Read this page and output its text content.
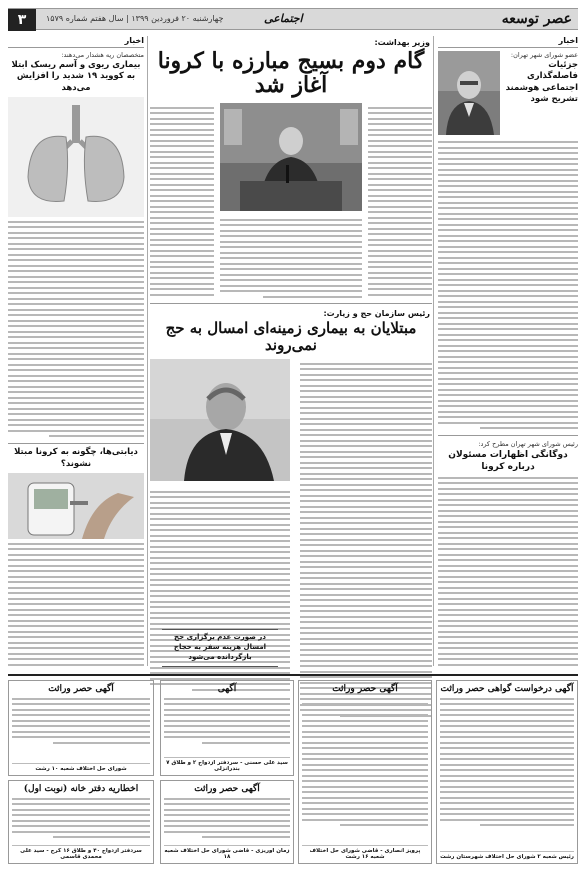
۳	چهارشنبه ۲۰ فروردین ۱۳۹۹ | سال هفتم شماره ۱۵۷۹	اجتماعی	عصر توسعه
اخبار
عضو شورای شهر تهران:
جزئیات فاصله‌گذاری اجتماعی هوشمند تشریح شود
رئیس شورای شهر تهران مطرح کرد:
دوگانگی اظهارات مسئولان درباره کرونا
وزیر بهداشت:
گام دوم بسیج مبارزه با کرونا آغاز شد
رئیس سازمان حج و زیارت:
مبتلایان به بیماری زمینه‌ای امسال به حج نمی‌روند
در صورت عدم برگزاری حج امسال هزینه سفر به حجاج بازگردانده می‌شود
اخبار
متخصصان ریه هشدار می‌دهند:
بیماری ریوی و آسم ریسک ابتلا به کووید ۱۹ شدید را افزایش می‌دهد
دیابتی‌ها، چگونه به کرونا مبتلا نشوند؟
آگهی درخواست گواهی حصر وراثت
رئیس شعبه ۲ شورای حل اختلاف شهرستان رشت
آگهی حصر وراثت
پرویز انصاری - قاضی شورای حل اختلاف شعبه ۱۶ رشت
آگهی
سید علی حسنی - سردفتر ازدواج ۲ و طلاق ۷ بندرانزلی
آگهی حصر وراثت
زمان اوریزی - قاضی شورای حل اختلاف شعبه ۱۸
آگهی حصر وراثت
شورای حل اختلاف شعبه ۱۰ رشت
اخطاریه دفتر خانه (نوبت اول)
سردفتر ازدواج ۴۰ و طلاق ۱۶ کرج - سید علی محمدی قاسمی
